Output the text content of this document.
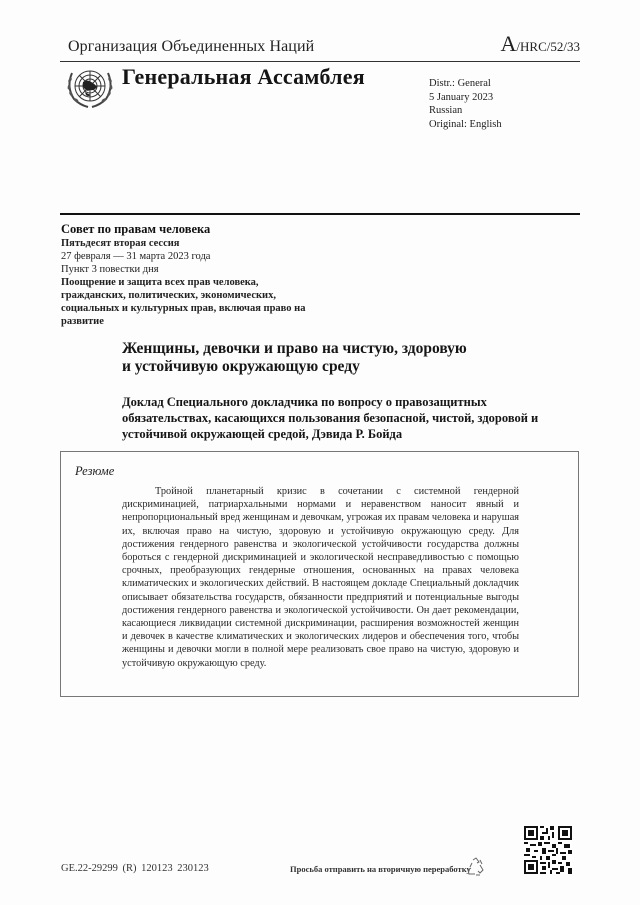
Организация Объединенных Наций	A/HRC/52/33
Генеральная Ассамблея	Distr.: General
5 January 2023
Russian
Original: English
Совет по правам человека
Пятьдесят вторая сессия
27 февраля — 31 марта 2023 года
Пункт 3 повестки дня
Поощрение и защита всех прав человека, гражданских, политических, экономических, социальных и культурных прав, включая право на развитие
Женщины, девочки и право на чистую, здоровую
и устойчивую окружающую среду
Доклад Специального докладчика по вопросу о правозащитных обязательствах, касающихся пользования безопасной, чистой, здоровой и устойчивой окружающей средой, Дэвида Р. Бойда
Резюме
Тройной планетарный кризис в сочетании с системной гендерной дискриминацией, патриархальными нормами и неравенством наносит явный и непропорциональный вред женщинам и девочкам, угрожая их правам человека и нарушая их, включая право на чистую, здоровую и устойчивую окружающую среду. Для достижения гендерного равенства и экологической устойчивости государства должны бороться с гендерной дискриминацией и экологической несправедливостью с помощью срочных, преобразующих гендерные отношения, основанных на правах человека климатических и экологических действий. В настоящем докладе Специальный докладчик описывает обязательства государств, обязанности предприятий и потенциальные выгоды достижения гендерного равенства и экологической устойчивости. Он дает рекомендации, касающиеся ликвидации системной дискриминации, расширения возможностей женщин и девочек в качестве климатических и экологических лидеров и обеспечения того, чтобы женщины и девочки могли в полной мере реализовать свое право на чистую, здоровую и устойчивую окружающую среду.
GE.22-29299 (R) 120123 230123	Просьба отправить на вторичную переработку
